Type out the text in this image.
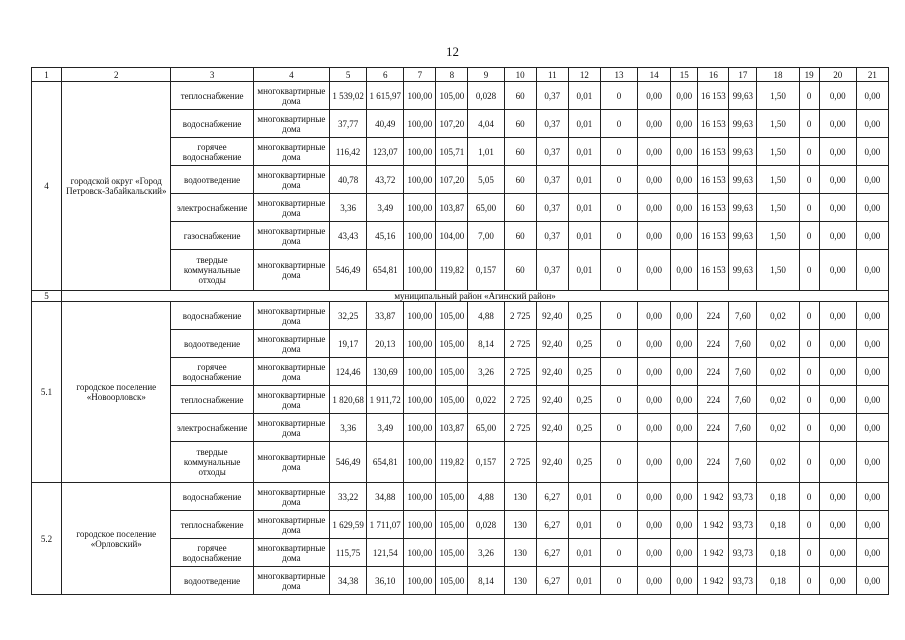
12
1	2	3	4	5	6	7	8	9	10	11	12	13	14	15	16	17	18	19	20	21
4	городской округ «Город Петровск-Забайкальский»	теплоснабжение	многоквартирные дома	1 539,02	1 615,97	100,00	105,00	0,028	60	0,37	0,01	0	0,00	0,00	16 153	99,63	1,50	0	0,00	0,00
		водоснабжение	многоквартирные дома	37,77	40,49	100,00	107,20	4,04	60	0,37	0,01	0	0,00	0,00	16 153	99,63	1,50	0	0,00	0,00
		горячее водоснабжение	многоквартирные дома	116,42	123,07	100,00	105,71	1,01	60	0,37	0,01	0	0,00	0,00	16 153	99,63	1,50	0	0,00	0,00
		водоотведение	многоквартирные дома	40,78	43,72	100,00	107,20	5,05	60	0,37	0,01	0	0,00	0,00	16 153	99,63	1,50	0	0,00	0,00
		электроснабжение	многоквартирные дома	3,36	3,49	100,00	103,87	65,00	60	0,37	0,01	0	0,00	0,00	16 153	99,63	1,50	0	0,00	0,00
		газоснабжение	многоквартирные дома	43,43	45,16	100,00	104,00	7,00	60	0,37	0,01	0	0,00	0,00	16 153	99,63	1,50	0	0,00	0,00
		твердые коммунальные отходы	многоквартирные дома	546,49	654,81	100,00	119,82	0,157	60	0,37	0,01	0	0,00	0,00	16 153	99,63	1,50	0	0,00	0,00
5	муниципальный район «Агинский район»																			
5.1	городское поселение «Новоорловск»	водоснабжение	многоквартирные дома	32,25	33,87	100,00	105,00	4,88	2 725	92,40	0,25	0	0,00	0,00	224	7,60	0,02	0	0,00	0,00
		водоотведение	многоквартирные дома	19,17	20,13	100,00	105,00	8,14	2 725	92,40	0,25	0	0,00	0,00	224	7,60	0,02	0	0,00	0,00
		горячее водоснабжение	многоквартирные дома	124,46	130,69	100,00	105,00	3,26	2 725	92,40	0,25	0	0,00	0,00	224	7,60	0,02	0	0,00	0,00
		теплоснабжение	многоквартирные дома	1 820,68	1 911,72	100,00	105,00	0,022	2 725	92,40	0,25	0	0,00	0,00	224	7,60	0,02	0	0,00	0,00
		электроснабжение	многоквартирные дома	3,36	3,49	100,00	103,87	65,00	2 725	92,40	0,25	0	0,00	0,00	224	7,60	0,02	0	0,00	0,00
		твердые коммунальные отходы	многоквартирные дома	546,49	654,81	100,00	119,82	0,157	2 725	92,40	0,25	0	0,00	0,00	224	7,60	0,02	0	0,00	0,00
5.2	городское поселение «Орловский»	водоснабжение	многоквартирные дома	33,22	34,88	100,00	105,00	4,88	130	6,27	0,01	0	0,00	0,00	1 942	93,73	0,18	0	0,00	0,00
		теплоснабжение	многоквартирные дома	1 629,59	1 711,07	100,00	105,00	0,028	130	6,27	0,01	0	0,00	0,00	1 942	93,73	0,18	0	0,00	0,00
		горячее водоснабжение	многоквартирные дома	115,75	121,54	100,00	105,00	3,26	130	6,27	0,01	0	0,00	0,00	1 942	93,73	0,18	0	0,00	0,00
		водоотведение	многоквартирные дома	34,38	36,10	100,00	105,00	8,14	130	6,27	0,01	0	0,00	0,00	1 942	93,73	0,18	0	0,00	0,00
